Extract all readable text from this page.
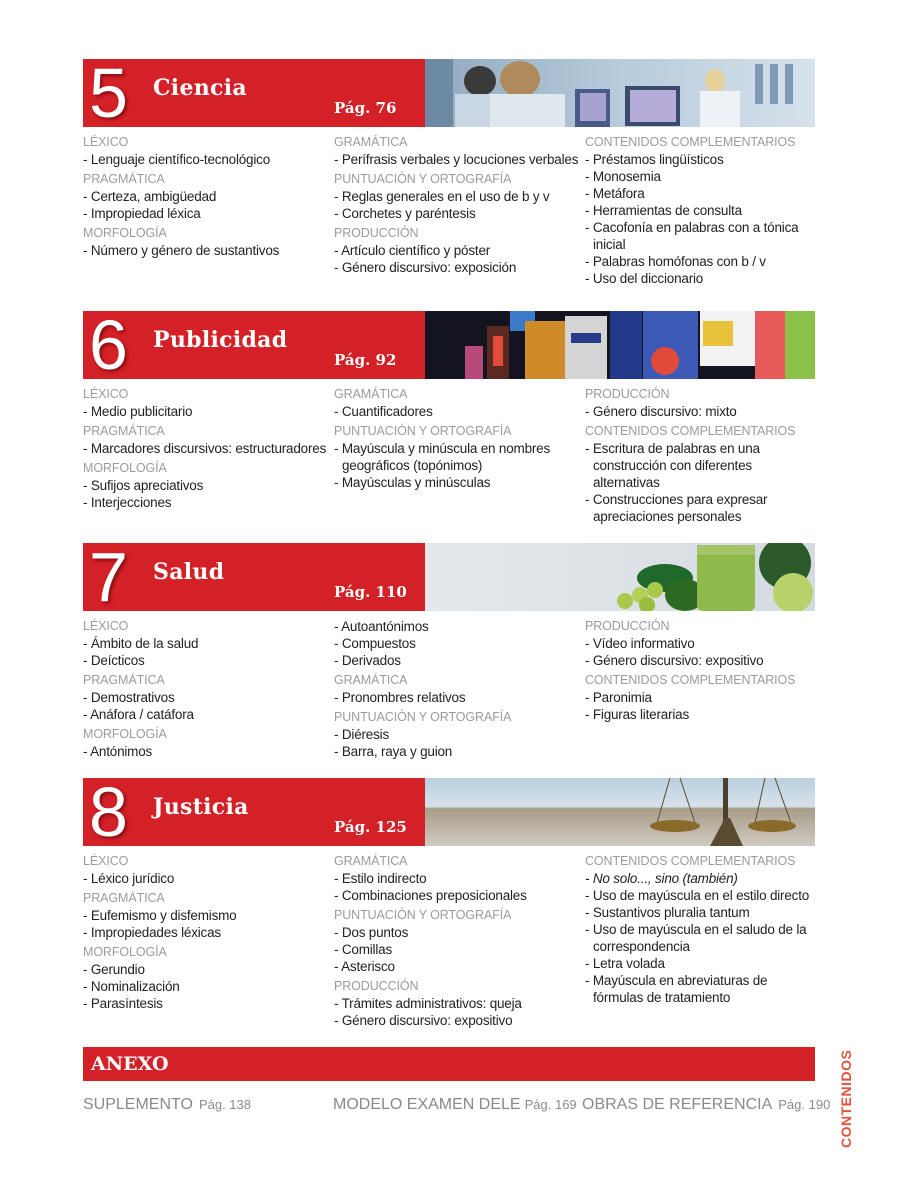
5 Ciencia
Pág. 76
LÉXICO
- Lenguaje científico-tecnológico
PRAGMÁTICA
- Certeza, ambigüedad
- Impropiedad léxica
MORFOLOGÍA
- Número y género de sustantivos
GRAMÁTICA
- Perífrasis verbales y locuciones verbales
PUNTUACIÓN Y ORTOGRAFÍA
- Reglas generales en el uso de b y v
- Corchetes y paréntesis
PRODUCCIÓN
- Artículo científico y póster
- Género discursivo: exposición
CONTENIDOS COMPLEMENTARIOS
- Préstamos lingüísticos
- Monosemia
- Metáfora
- Herramientas de consulta
- Cacofonía en palabras con a tónica inicial
- Palabras homófonas con b / v
- Uso del diccionario
6 Publicidad
Pág. 92
LÉXICO
- Medio publicitario
PRAGMÁTICA
- Marcadores discursivos: estructuradores
MORFOLOGÍA
- Sufijos apreciativos
- Interjecciones
GRAMÁTICA
- Cuantificadores
PUNTUACIÓN Y ORTOGRAFÍA
- Mayúscula y minúscula en nombres geográficos (topónimos)
- Mayúsculas y minúsculas
PRODUCCIÓN
- Género discursivo: mixto
CONTENIDOS COMPLEMENTARIOS
- Escritura de palabras en una construcción con diferentes alternativas
- Construcciones para expresar apreciaciones personales
7 Salud
Pág. 110
LÉXICO
- Ámbito de la salud
- Deícticos
PRAGMÁTICA
- Demostrativos
- Anáfora / catáfora
MORFOLOGÍA
- Antónimos
- Autoantónimos
- Compuestos
- Derivados
GRAMÁTICA
- Pronombres relativos
PUNTUACIÓN Y ORTOGRAFÍA
- Diéresis
- Barra, raya y guion
PRODUCCIÓN
- Vídeo informativo
- Género discursivo: expositivo
CONTENIDOS COMPLEMENTARIOS
- Paronimia
- Figuras literarias
8 Justicia
Pág. 125
LÉXICO
- Léxico jurídico
PRAGMÁTICA
- Eufemismo y disfemismo
- Impropiedades léxicas
MORFOLOGÍA
- Gerundio
- Nominalización
- Parasíntesis
GRAMÁTICA
- Estilo indirecto
- Combinaciones preposicionales
PUNTUACIÓN Y ORTOGRAFÍA
- Dos puntos
- Comillas
- Asterisco
PRODUCCIÓN
- Trámites administrativos: queja
- Género discursivo: expositivo
CONTENIDOS COMPLEMENTARIOS
- No solo..., sino (también)
- Uso de mayúscula en el estilo directo
- Sustantivos pluralia tantum
- Uso de mayúscula en el saludo de la correspondencia
- Letra volada
- Mayúscula en abreviaturas de fórmulas de tratamiento
ANEXO
SUPLEMENTO Pág. 138	MODELO EXAMEN DELE Pág. 169 OBRAS DE REFERENCIA Pág. 190 CONTENIDOS
